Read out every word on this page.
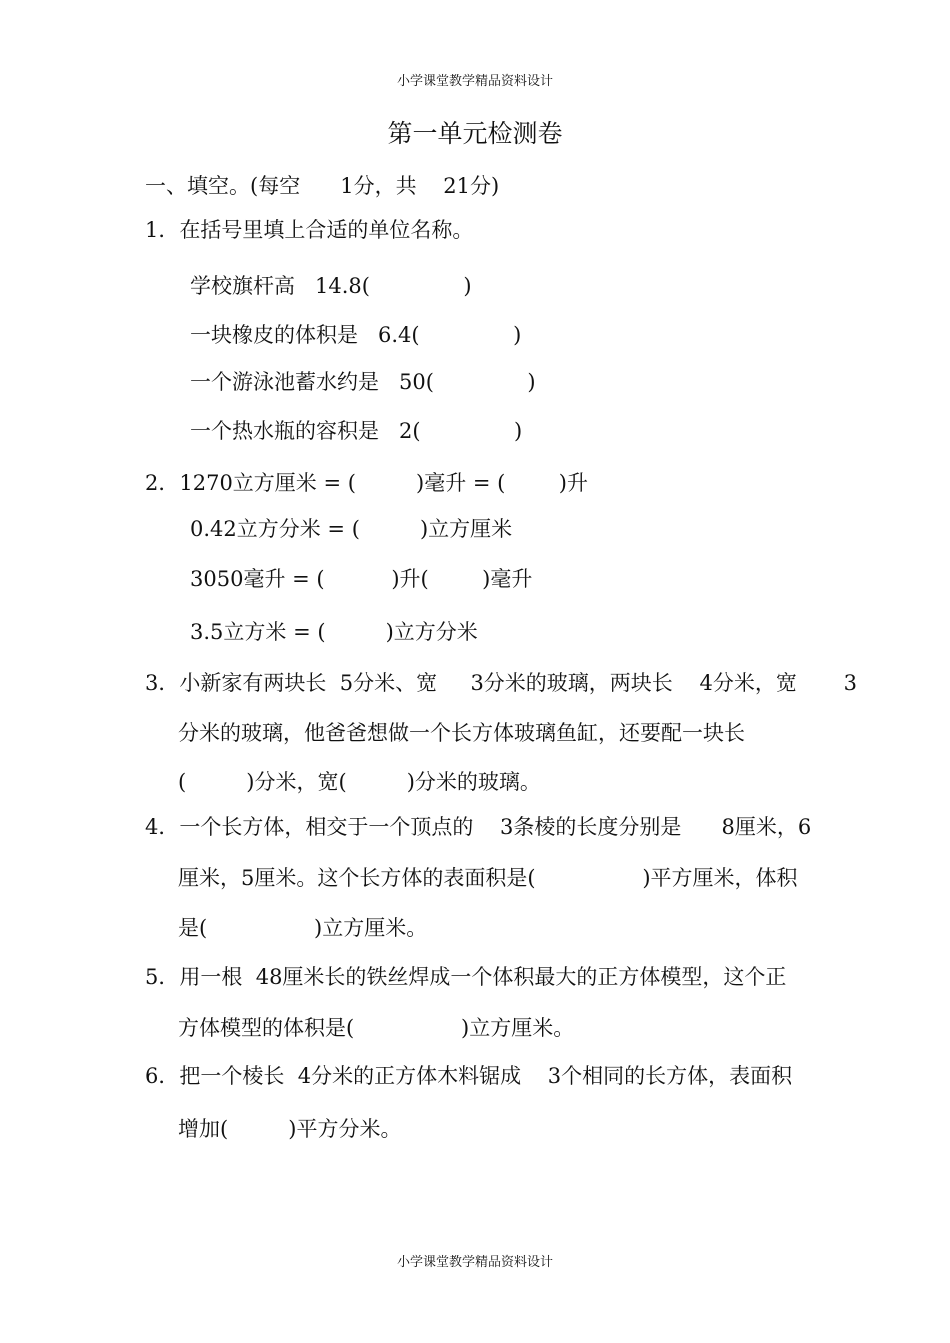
小学课堂教学精品资料设计
第一单元检测卷
一、填空。(每空      1分，共    21分)
1．在括号里填上合适的单位名称。
学校旗杆高   14.8(              )
一块橡皮的体积是   6.4(              )
一个游泳池蓄水约是   50(              )
一个热水瓶的容积是   2(              )
2．1270立方厘米 = (         )毫升 = (        )升
0.42立方分米 = (         )立方厘米
3050毫升 = (          )升(        )毫升
3.5立方米 = (         )立方分米
3．小新家有两块长  5分米、宽     3分米的玻璃，两块长    4分米，宽       3
分米的玻璃，他爸爸想做一个长方体玻璃鱼缸，还要配一块长
(         )分米，宽(         )分米的玻璃。
4．一个长方体，相交于一个顶点的    3条棱的长度分别是      8厘米，6
厘米，5厘米。这个长方体的表面积是(                )平方厘米，体积
是(                )立方厘米。
5．用一根  48厘米长的铁丝焊成一个体积最大的正方体模型，这个正
方体模型的体积是(                )立方厘米。
6．把一个棱长  4分米的正方体木料锯成    3个相同的长方体，表面积
增加(         )平方分米。
小学课堂教学精品资料设计
